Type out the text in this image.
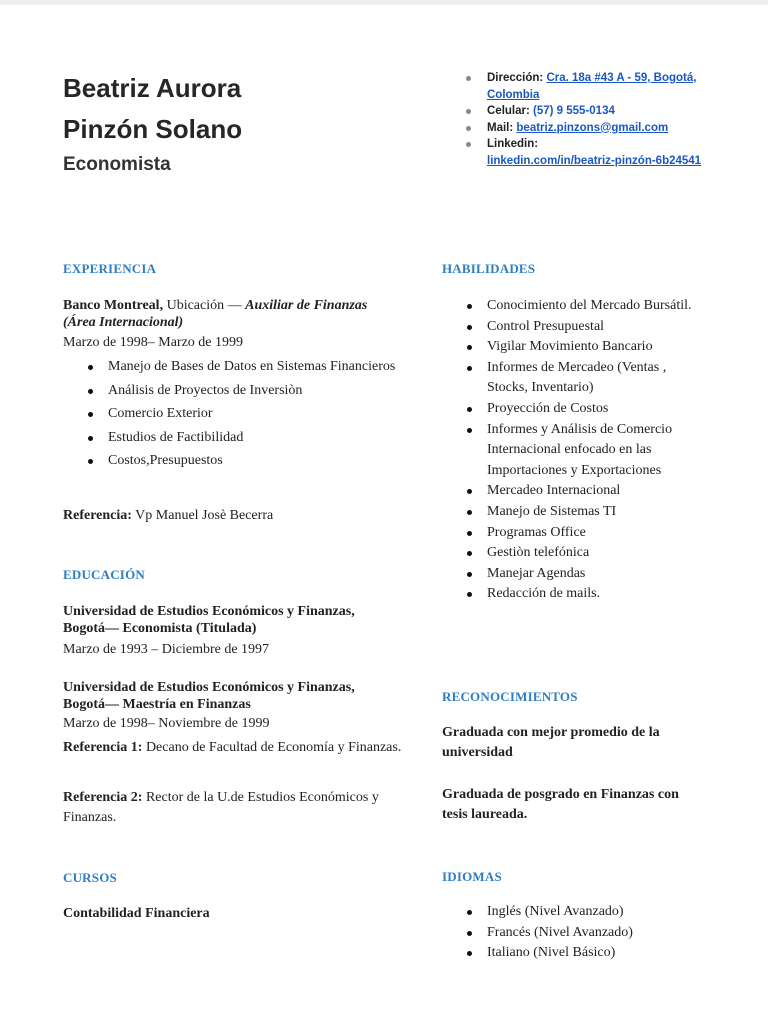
Beatriz Aurora
Pinzón Solano
Economista
Dirección: Cra. 18a #43 A - 59, Bogotá, Colombia
Celular: (57) 9 555-0134
Mail: beatriz.pinzons@gmail.com
Linkedin:
linkedin.com/in/beatriz-pinzón-6b24541
EXPERIENCIA
Banco Montreal, Ubicación — Auxiliar de Finanzas (Área Internacional)
Marzo de 1998– Marzo de 1999
Manejo de Bases de Datos en Sistemas Financieros
Análisis de Proyectos de Inversiòn
Comercio Exterior
Estudios de Factibilidad
Costos,Presupuestos
Referencia: Vp Manuel Josè Becerra
EDUCACIÓN
Universidad de Estudios Económicos y Finanzas, Bogotá— Economista (Titulada)
Marzo de 1993 – Diciembre de 1997
Universidad de Estudios Económicos y Finanzas, Bogotá— Maestría en Finanzas
Marzo de 1998– Noviembre de 1999
Referencia 1: Decano de Facultad de Economía y Finanzas.
Referencia 2: Rector de la U.de Estudios Económicos y Finanzas.
CURSOS
Contabilidad Financiera
HABILIDADES
Conocimiento del Mercado Bursátil.
Control Presupuestal
Vigilar Movimiento Bancario
Informes de Mercadeo (Ventas , Stocks, Inventario)
Proyección de Costos
Informes y Análisis de Comercio Internacional enfocado en las Importaciones y Exportaciones
Mercadeo Internacional
Manejo de Sistemas TI
Programas Office
Gestiòn telefónica
Manejar Agendas
Redacción de mails.
RECONOCIMIENTOS
Graduada con mejor promedio de la universidad
Graduada de posgrado en Finanzas con tesis laureada.
IDIOMAS
Inglés (Nivel Avanzado)
Francés (Nivel Avanzado)
Italiano (Nivel Básico)
